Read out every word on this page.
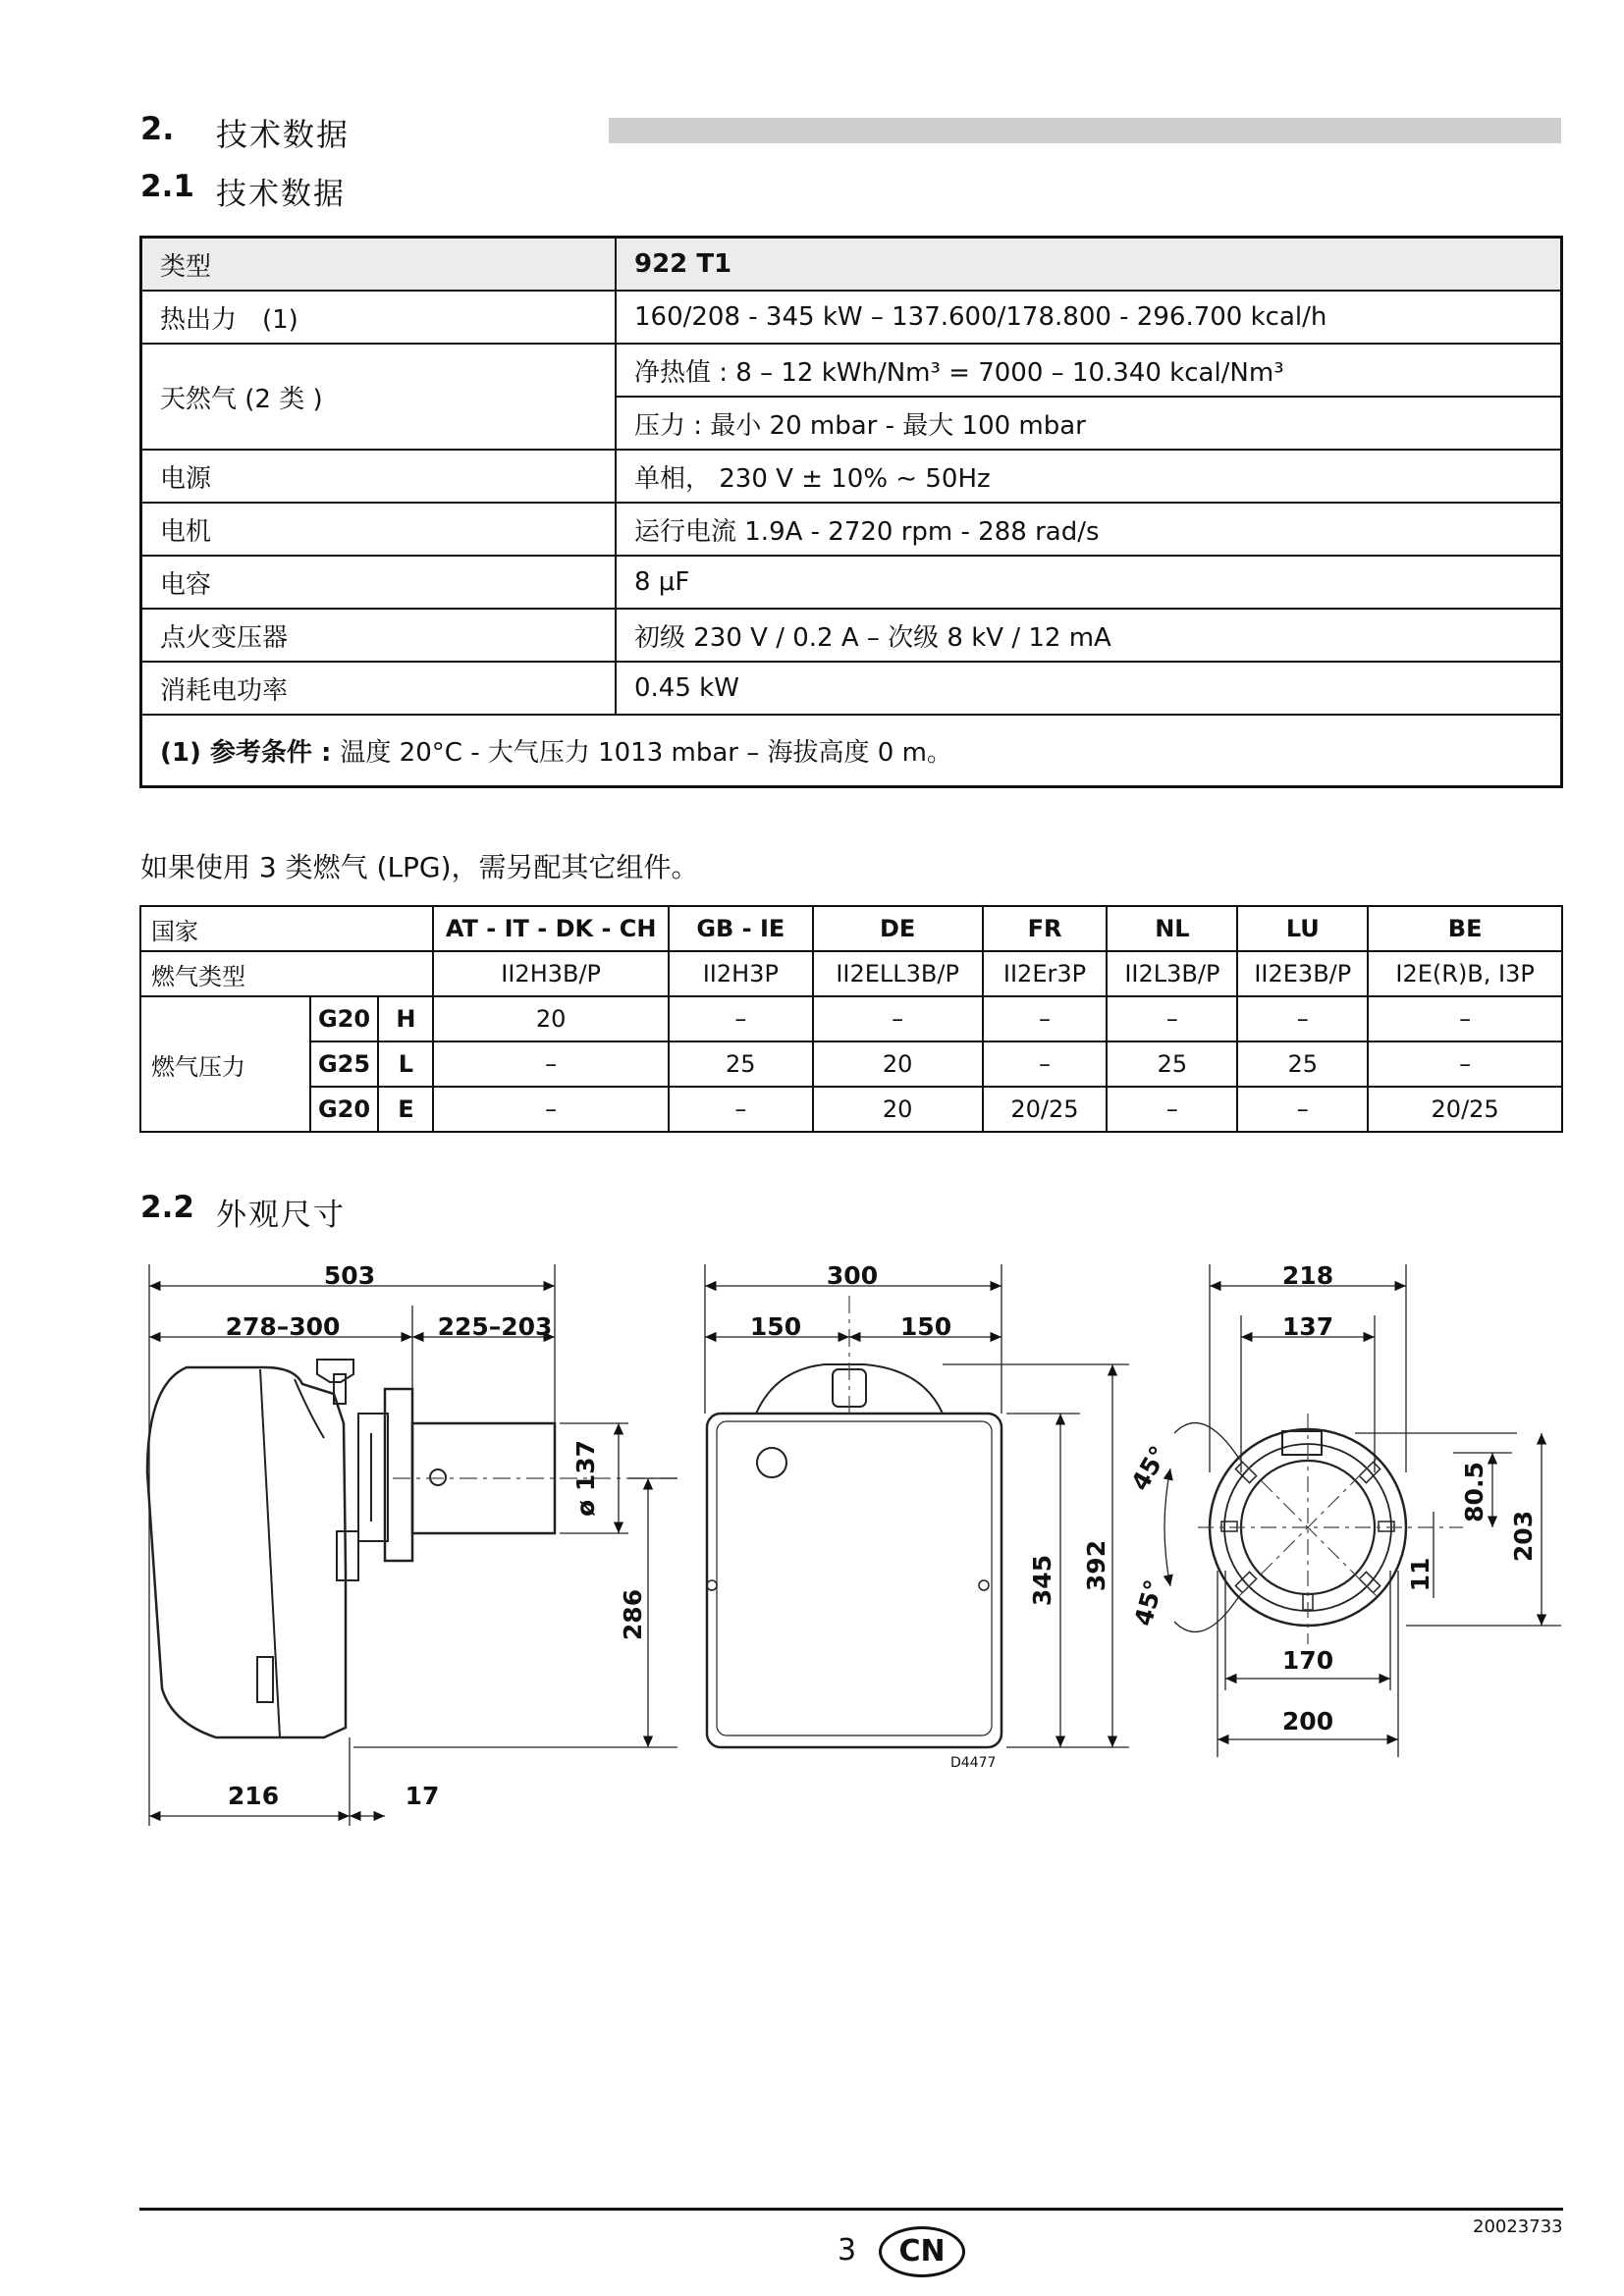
2. 技术数据
2.1 技术数据
类型	922 T1
热出力　(1)	160/208 - 345 kW – 137.600/178.800 - 296.700 kcal/h
天然气 (2 类 )	净热值 : 8 – 12 kWh/Nm³ = 7000 – 10.340 kcal/Nm³
	压力 : 最小 20 mbar - 最大 100 mbar
电源	单相， 230 V ± 10% ∼ 50Hz
电机	运行电流 1.9A - 2720 rpm - 288 rad/s
电容	8 μF
点火变压器	初级 230 V / 0.2 A – 次级 8 kV / 12 mA
消耗电功率	0.45 kW
(1) 参考条件 : 温度 20°C - 大气压力 1013 mbar – 海拔高度 0 m。	
如果使用 3 类燃气 (LPG)，需另配其它组件。
国家			AT - IT - DK - CH	GB - IE	DE	FR	NL	LU	BE
燃气类型			II2H3B/P	II2H3P	II2ELL3B/P	II2Er3P	II2L3B/P	II2E3B/P	I2E(R)B, I3P
燃气压力	G20	H	20	–	–	–	–	–	–
	G25	L	–	25	20	–	25	25	–
	G20	E	–	–	20	20/25	–	–	20/25
2.2 外观尺寸
503
278–300	225–203
ø 137
286
216	17
300
150	150
345 392
D4477
218
137
45°
45°
80.5
11
203
170
200
3	CN
20023733
